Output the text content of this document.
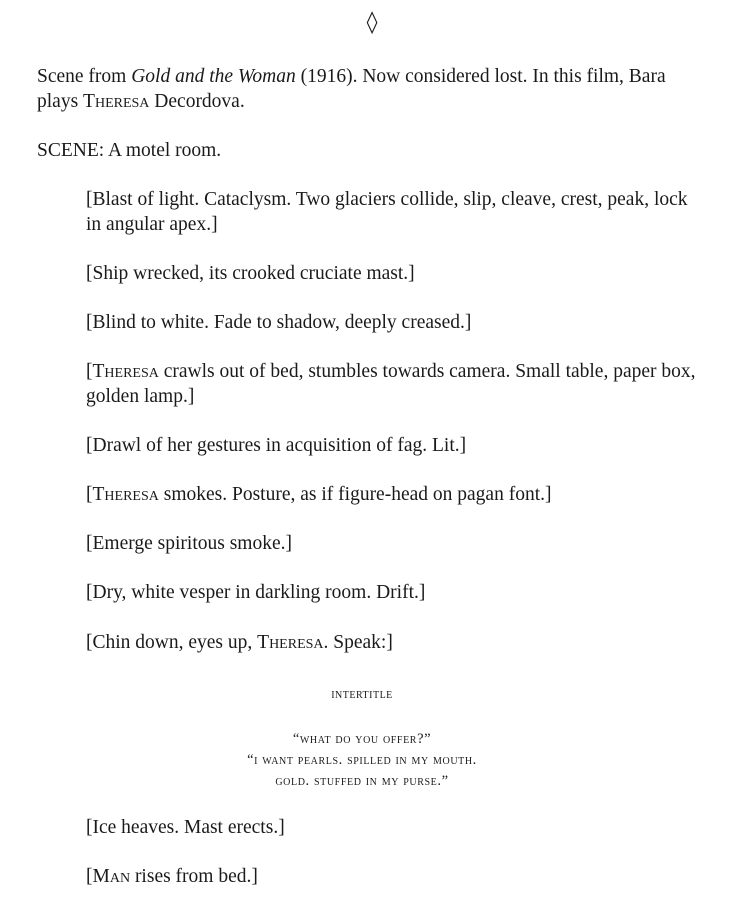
◊

Scene from Gold and the Woman (1916). Now considered lost. In this film, Bara plays Theresa Decordova.

SCENE: A motel room.

[Blast of light. Cataclysm. Two glaciers collide, slip, cleave, crest, peak, lock in angular apex.]

[Ship wrecked, its crooked cruciate mast.]

[Blind to white. Fade to shadow, deeply creased.]

[Theresa crawls out of bed, stumbles towards camera. Small table, paper box, golden lamp.]

[Drawl of her gestures in acquisition of fag. Lit.]

[Theresa smokes. Posture, as if figure-head on pagan font.]

[Emerge spiritous smoke.]

[Dry, white vesper in darkling room. Drift.]

[Chin down, eyes up, Theresa. Speak:]

intertitle

“what do you offer?”

“i want pearls. spilled in my mouth.

gold. stuffed in my purse.”

[Ice heaves. Mast erects.]

[Man rises from bed.]
